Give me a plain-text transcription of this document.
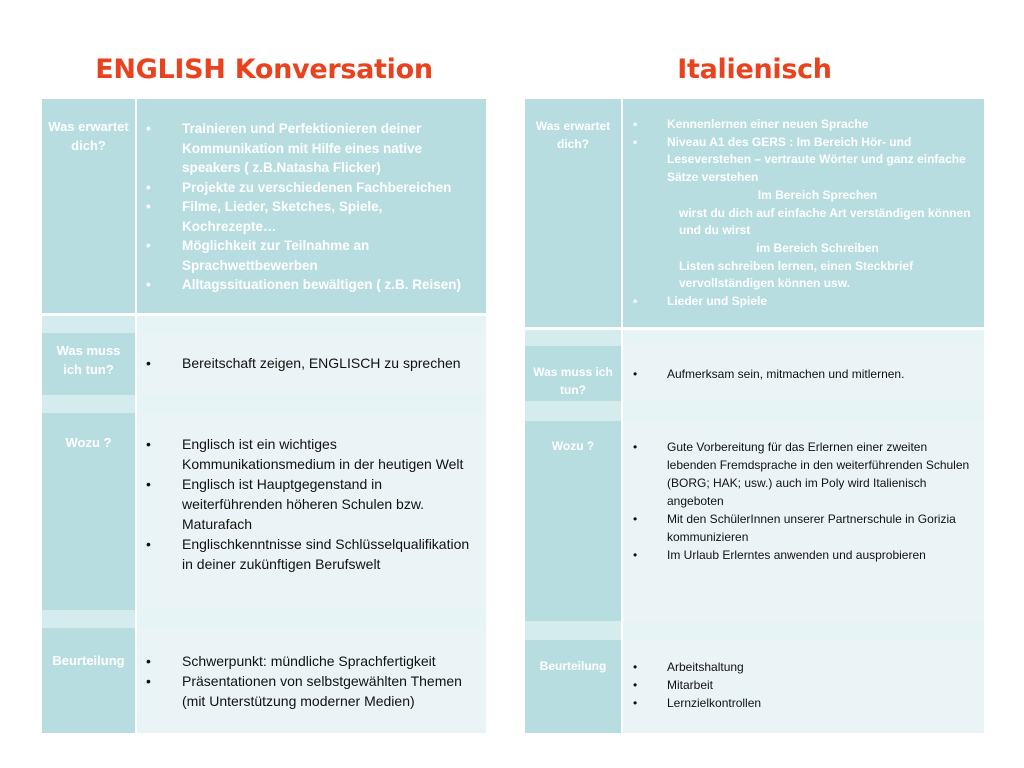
ENGLISH Konversation
Was erwartet dich?
• Trainieren und Perfektionieren deiner Kommunikation mit Hilfe eines native speakers ( z.B.Natasha Flicker)
• Projekte zu verschiedenen Fachbereichen
• Filme, Lieder, Sketches, Spiele, Kochrezepte…
• Möglichkeit zur Teilnahme an Sprachwettbewerben
• Alltagssituationen bewältigen ( z.B. Reisen)
Was muss ich tun?	• Bereitschaft zeigen, ENGLISCH zu sprechen
Wozu ?	• Englisch ist ein wichtiges Kommunikationsmedium in der heutigen Welt
• Englisch ist Hauptgegenstand in weiterführenden höheren Schulen bzw. Maturafach
• Englischkenntnisse sind Schlüsselqualifikation in deiner zukünftigen Berufswelt
Beurteilung	• Schwerpunkt: mündliche Sprachfertigkeit
• Präsentationen von selbstgewählten Themen (mit Unterstützung moderner Medien)
Italienisch
Was erwartet dich?
• Kennenlernen einer neuen Sprache
• Niveau A1 des GERS : Im Bereich Hör- und Leseverstehen – vertraute Wörter und ganz einfache Sätze verstehen
Im Bereich Sprechen
wirst du dich auf einfache Art verständigen können und du wirst
im Bereich Schreiben
Listen schreiben lernen, einen Steckbrief vervollständigen können usw.
• Lieder und Spiele
Was muss ich tun?
• Aufmerksam sein, mitmachen und mitlernen.
Wozu ?	• Gute Vorbereitung für das Erlernen einer zweiten lebenden Fremdsprache in den weiterführenden Schulen (BORG; HAK; usw.) auch im Poly wird Italienisch angeboten
• Mit den SchülerInnen unserer Partnerschule in Gorizia kommunizieren
• Im Urlaub Erlerntes anwenden und ausprobieren
Beurteilung	• Arbeitshaltung
• Mitarbeit
• Lernzielkontrollen
